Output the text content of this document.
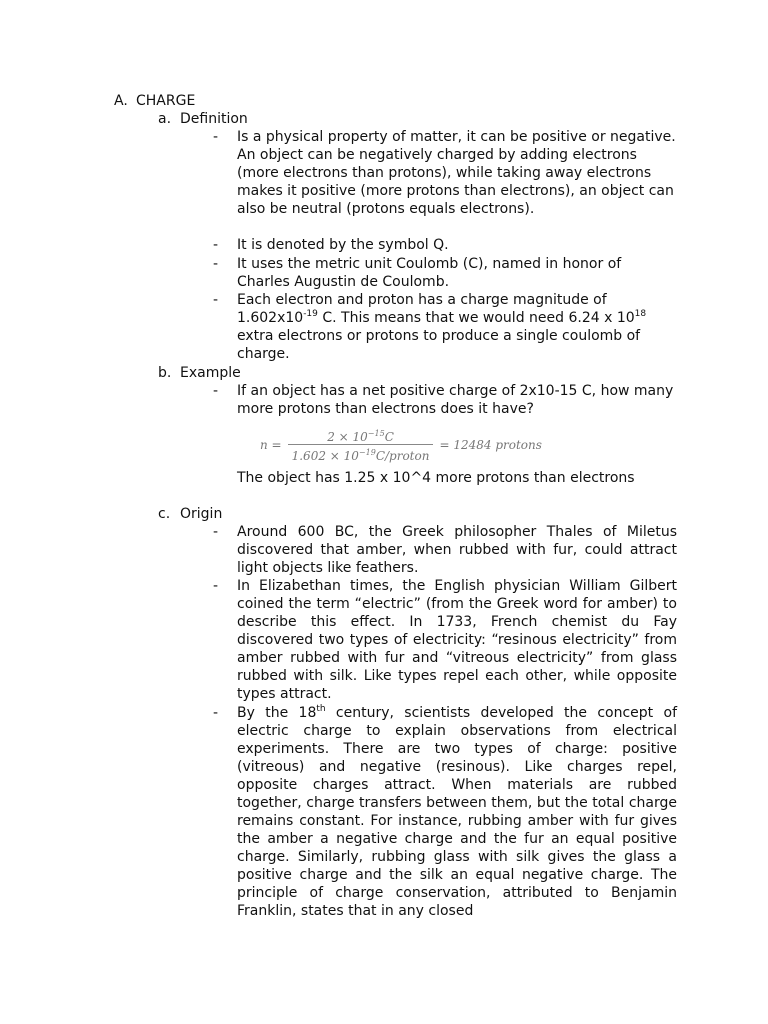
A. CHARGE
a. Definition
-	Is a physical property of matter, it can be positive or negative. An object can be negatively charged by adding electrons (more electrons than protons), while taking away electrons makes it positive (more protons than electrons), an object can also be neutral (protons equals electrons).
-	It is denoted by the symbol Q.
-	It uses the metric unit Coulomb (C), named in honor of Charles Augustin de Coulomb.
-	Each electron and proton has a charge magnitude of $1.602x10^{-19}$ C. This means that we would need 6.24 x $10^{18}$ extra electrons or protons to produce a single coulomb of charge.
b. Example
-	If an object has a net positive charge of 2x10-15 C, how many more protons than electrons does it have?
$n = \frac{2 \times 10^{-15}C}{1.602 \times 10^{-19}C/proton} = 12484$ protons
The object has 1.25 x 10^4 more protons than electrons
c. Origin
-	Around 600 BC, the Greek philosopher Thales of Miletus discovered that amber, when rubbed with fur, could attract light objects like feathers.
-	In Elizabethan times, the English physician William Gilbert coined the term “electric” (from the Greek word for amber) to describe this effect. In 1733, French chemist du Fay discovered two types of electricity: “resinous electricity” from amber rubbed with fur and “vitreous electricity” from glass rubbed with silk. Like types repel each other, while opposite types attract.
-	By the 18th century, scientists developed the concept of electric charge to explain observations from electrical experiments. There are two types of charge: positive (vitreous) and negative (resinous). Like charges repel, opposite charges attract. When materials are rubbed together, charge transfers between them, but the total charge remains constant. For instance, rubbing amber with fur gives the amber a negative charge and the fur an equal positive charge. Similarly, rubbing glass with silk gives the glass a positive charge and the silk an equal negative charge. The principle of charge conservation, attributed to Benjamin Franklin, states that in any closed
